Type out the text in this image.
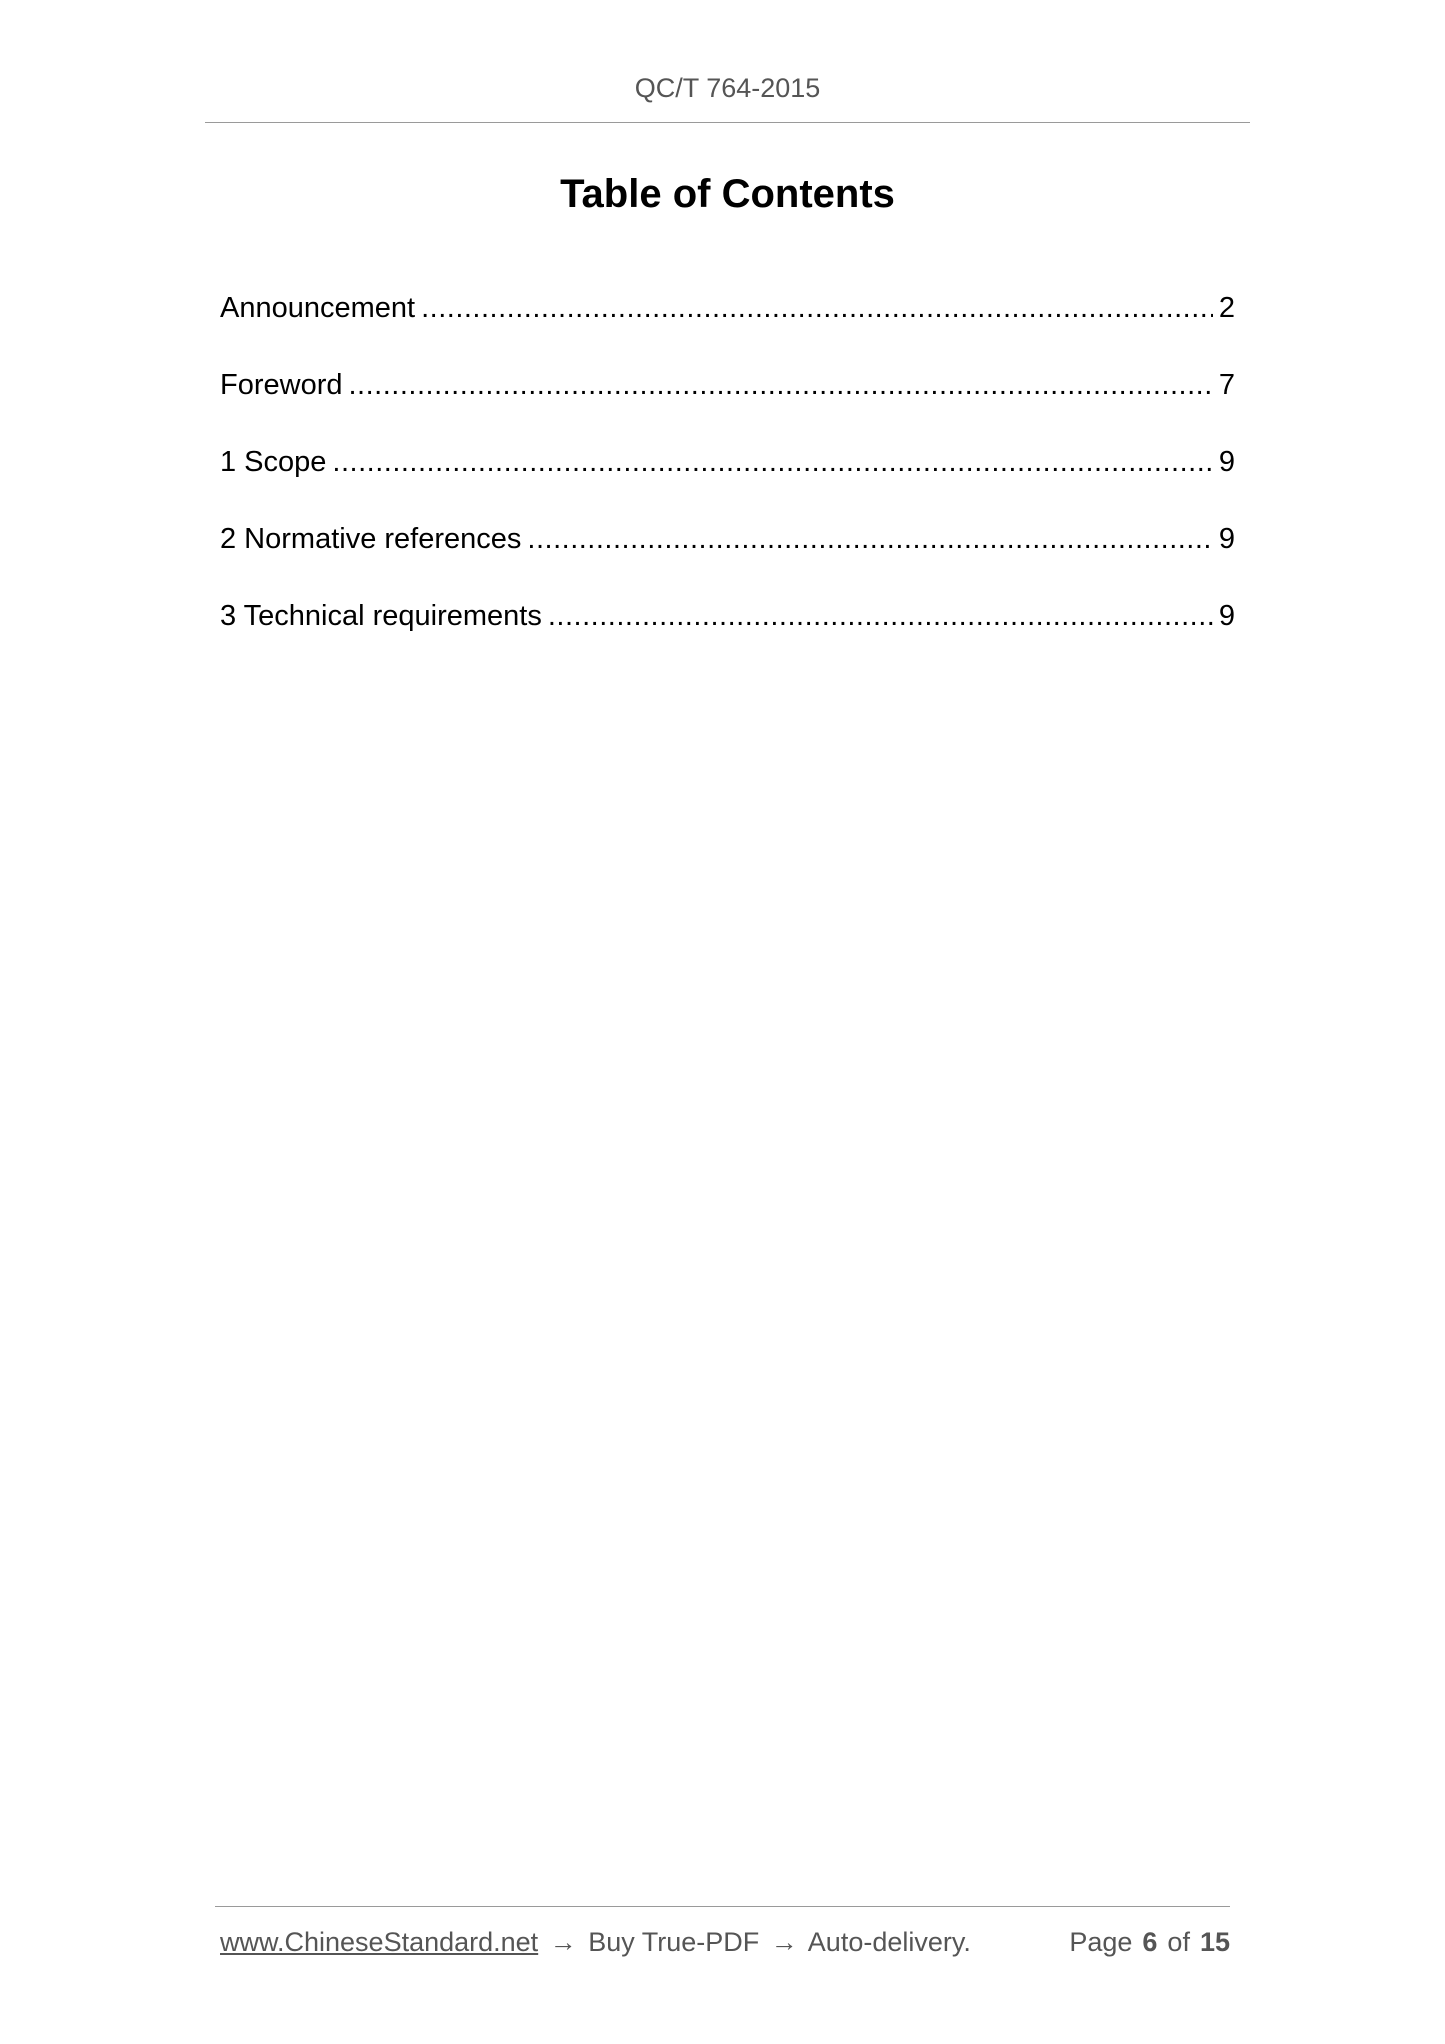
QC/T 764-2015
Table of Contents
Announcement .....	2
Foreword .....	7
1 Scope .....	9
2 Normative references .....	9
3 Technical requirements .....	9
www.ChineseStandard.net → Buy True-PDF → Auto-delivery.	Page 6 of 15
